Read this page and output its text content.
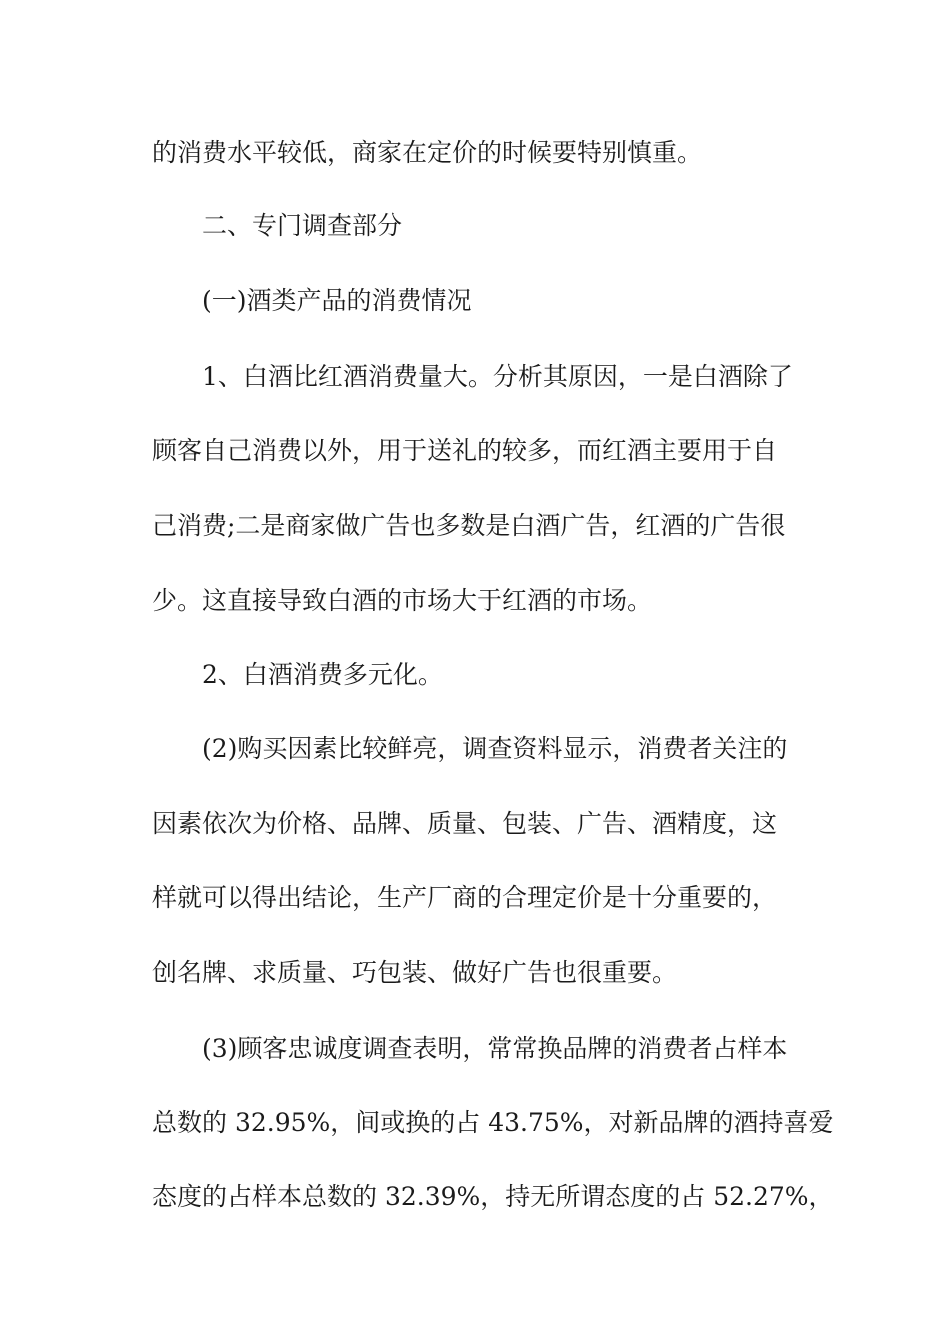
的消费水平较低，商家在定价的时候要特别慎重。
二、专门调查部分
(一)酒类产品的消费情况
1、白酒比红酒消费量大。分析其原因，一是白酒除了
顾客自己消费以外，用于送礼的较多，而红酒主要用于自
己消费;二是商家做广告也多数是白酒广告，红酒的广告很
少。这直接导致白酒的市场大于红酒的市场。
2、白酒消费多元化。
(2)购买因素比较鲜亮，调查资料显示，消费者关注的
因素依次为价格、品牌、质量、包装、广告、酒精度，这
样就可以得出结论，生产厂商的合理定价是十分重要的，
创名牌、求质量、巧包装、做好广告也很重要。
(3)顾客忠诚度调查表明，常常换品牌的消费者占样本
总数的 32.95%，间或换的占 43.75%，对新品牌的酒持喜爱
态度的占样本总数的 32.39%，持无所谓态度的占 52.27%，
